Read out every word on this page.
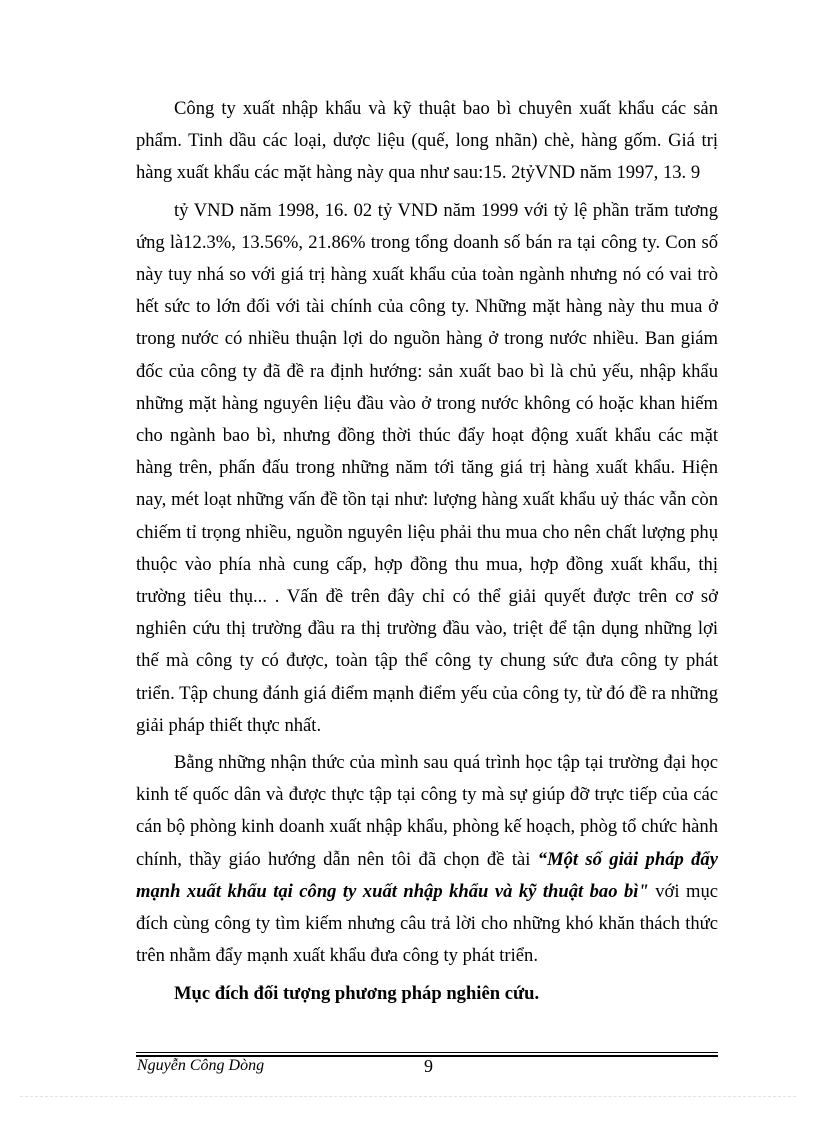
Công ty xuất nhập khẩu và kỹ thuật bao bì chuyên xuất khẩu các sản phẩm. Tinh dầu các loại, dược liệu (quế, long nhãn) chè, hàng gốm. Giá trị hàng xuất khẩu các mặt hàng này qua như sau:15. 2tỷVND năm 1997, 13. 9

tỷ VND năm 1998, 16. 02 tỷ VND năm 1999 với tỷ lệ phần trăm tương ứng là12.3%, 13.56%, 21.86% trong tổng doanh số bán ra tại công ty. Con số này tuy nhá so với giá trị hàng xuất khẩu của toàn ngành nhưng nó có vai trò hết sức to lớn đối với tài chính của công ty. Những mặt hàng này thu mua ở trong nước có nhiều thuận lợi do nguồn hàng ở trong nước nhiều. Ban giám đốc của công ty đã đề ra định hướng: sản xuất bao bì là chủ yếu, nhập khẩu những mặt hàng nguyên liệu đầu vào ở trong nước không có hoặc khan hiếm cho ngành bao bì, nhưng đồng thời thúc đẩy hoạt động xuất khẩu các mặt hàng trên, phấn đấu trong những năm tới tăng giá trị hàng xuất khẩu. Hiện nay, mét loạt những vấn đề tồn tại như: lượng hàng xuất khẩu uỷ thác vẫn còn chiếm tỉ trọng nhiều, nguồn nguyên liệu phải thu mua cho nên chất lượng phụ thuộc vào phía nhà cung cấp, hợp đồng thu mua, hợp đồng xuất khẩu, thị trường tiêu thụ... . Vấn đề trên đây chỉ có thể giải quyết được trên cơ sở nghiên cứu thị trường đầu ra thị trường đầu vào, triệt để tận dụng những lợi thế mà công ty có được, toàn tập thể công ty chung sức đưa công ty phát triển. Tập chung đánh giá điểm mạnh điểm yếu của công ty, từ đó đề ra những giải pháp thiết thực nhất.

Bằng những nhận thức của mình sau quá trình học tập tại trường đại học kinh tế quốc dân và được thực tập tại công ty mà sự giúp đỡ trực tiếp của các cán bộ phòng kinh doanh xuất nhập khẩu, phòng kế hoạch, phòg tổ chức hành chính, thầy giáo hướng dẫn nên tôi đã chọn đề tài “Một số giải pháp đẩy mạnh xuất khẩu tại công ty xuất nhập khẩu và kỹ thuật bao bì" với mục đích cùng công ty tìm kiếm nhưng câu trả lời cho những khó khăn thách thức trên nhằm đẩy mạnh xuất khẩu đưa công ty phát triển.

Mục đích đối tượng phương pháp nghiên cứu.
Nguyễn Công Dòng	9
